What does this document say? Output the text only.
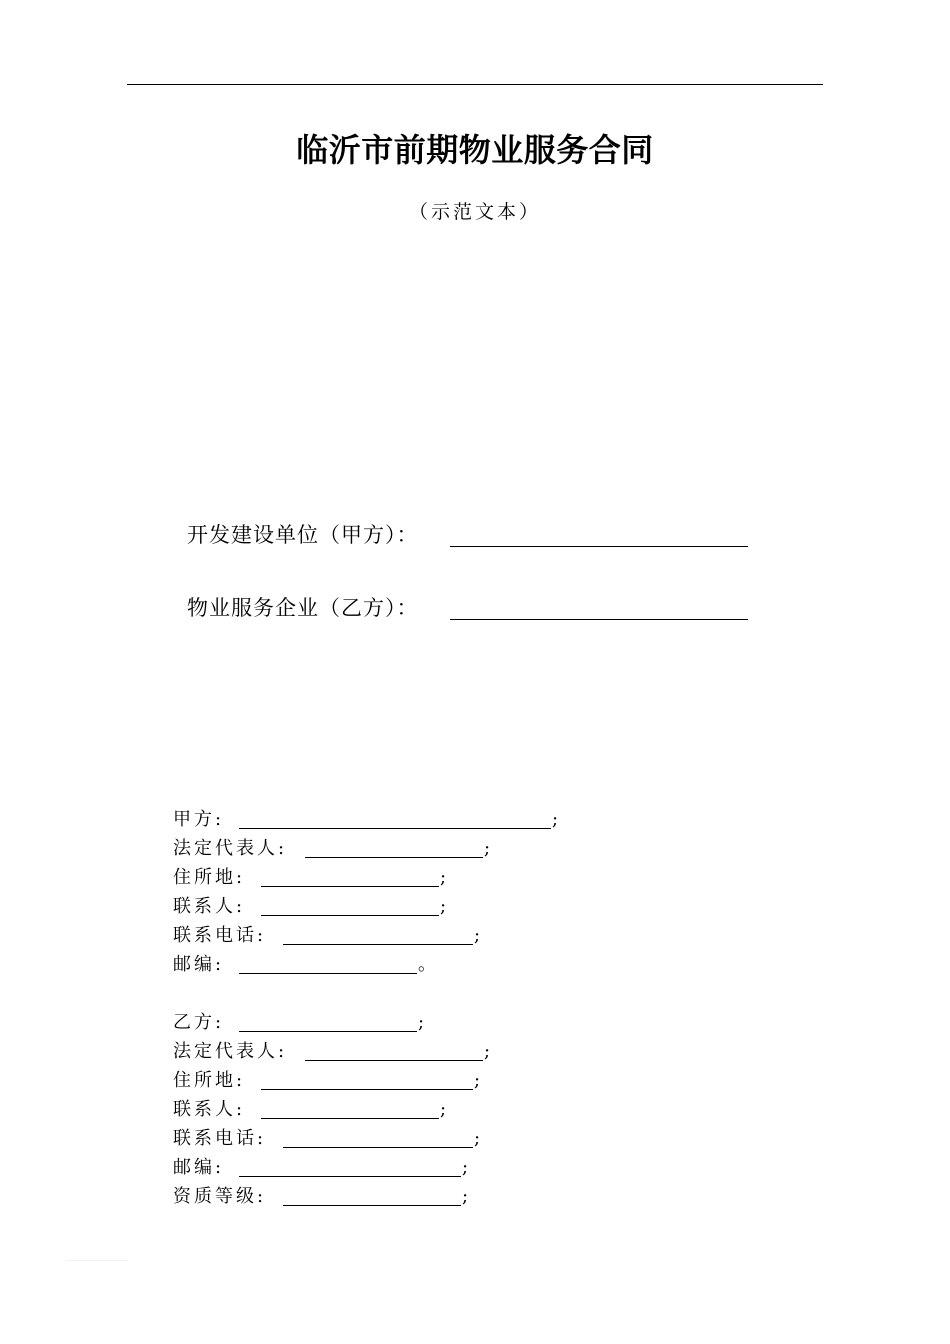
临沂市前期物业服务合同
（示范文本）
开发建设单位（甲方）：
物业服务企业（乙方）：
甲方:	;
法定代表人:	;
住所地:	;
联系人:	;
联系电话:	;
邮编:	。
乙方:	;
法定代表人:	;
住所地:	;
联系人:	;
联系电话:	;
邮编:	;
资质等级:	;
